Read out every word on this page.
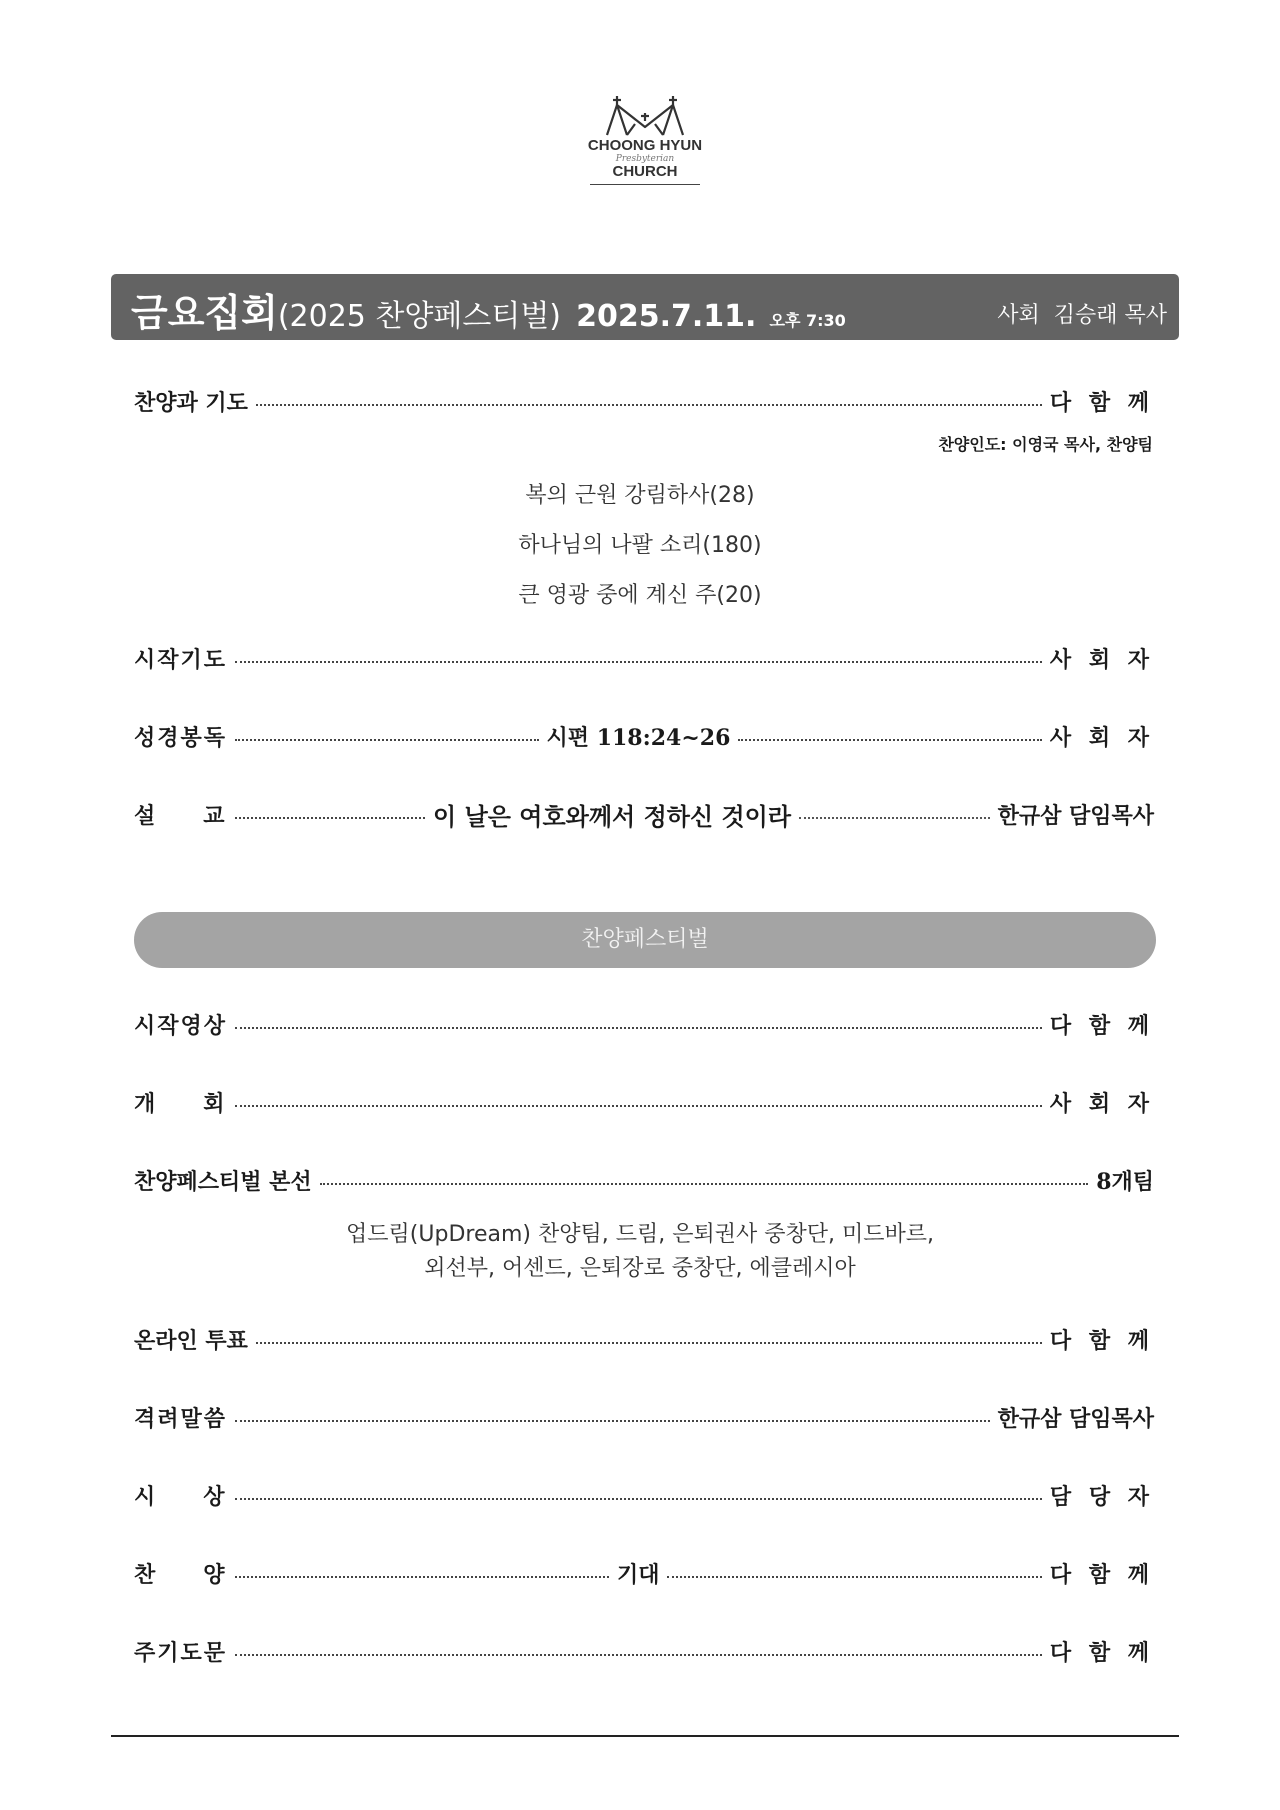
CHOONG HYUN
Presbyterian
CHURCH
금요집회(2025 찬양페스티벌) 2025.7.11. 오후 7:30	사회 김승래 목사
찬양과 기도	다 함 께
찬양인도: 이영국 목사, 찬양팀
복의 근원 강림하사(28)
하나님의 나팔 소리(180)
큰 영광 중에 계신 주(20)
시작기도	사 회 자
성경봉독	시편 118:24~26	사 회 자
설 교	이 날은 여호와께서 정하신 것이라	한규삼 담임목사
찬양페스티벌
시작영상	다 함 께
개 회	사 회 자
찬양페스티벌 본선	8개팀
업드림(UpDream) 찬양팀, 드림, 은퇴권사 중창단, 미드바르,
외선부, 어센드, 은퇴장로 중창단, 에클레시아
온라인 투표	다 함 께
격려말씀	한규삼 담임목사
시 상	담 당 자
찬 양	기대	다 함 께
주기도문	다 함 께
